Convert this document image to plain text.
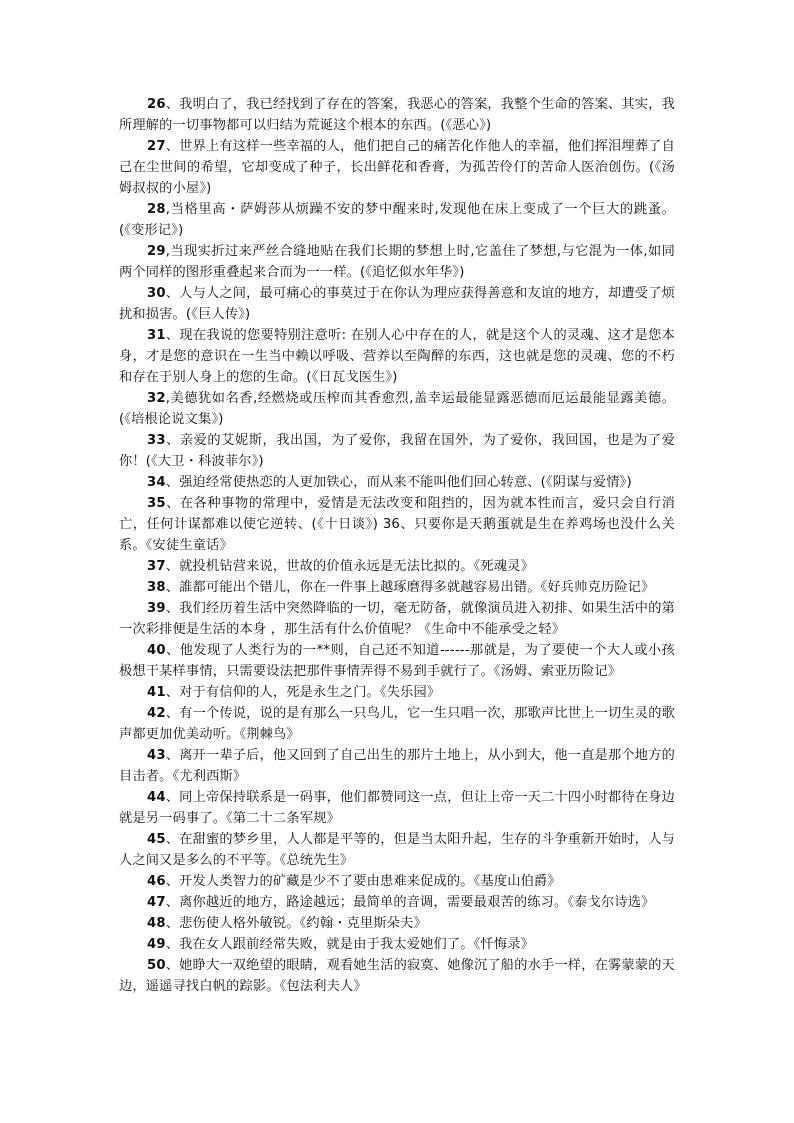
26、我明白了，我已经找到了存在的答案，我恶心的答案，我整个生命的答案、其实，我所理解的一切事物都可以归结为荒诞这个根本的东西。(《恶心》)

27、世界上有这样一些幸福的人，他们把自己的痛苦化作他人的幸福，他们挥泪埋葬了自己在尘世间的希望，它却变成了种子，长出鲜花和香膏，为孤苦伶仃的苦命人医治创伤。(《汤姆叔叔的小屋》)

28,当格里高・萨姆莎从烦躁不安的梦中醒来时,发现他在床上变成了一个巨大的跳蚤。(《变形记》)

29,当现实折过来严丝合缝地贴在我们长期的梦想上时,它盖住了梦想,与它混为一体,如同两个同样的图形重叠起来合而为一一样。(《追忆似水年华》)

30、人与人之间，最可痛心的事莫过于在你认为理应获得善意和友谊的地方，却遭受了烦扰和损害。(《巨人传》)

31、现在我说的您要特别注意听: 在别人心中存在的人，就是这个人的灵魂、这才是您本身，才是您的意识在一生当中赖以呼吸、营养以至陶醉的东西，这也就是您的灵魂、您的不朽和存在于别人身上的您的生命。(《日瓦戈医生》)

32,美德犹如名香,经燃烧或压榨而其香愈烈,盖幸运最能显露恶德而厄运最能显露美德。(《培根论说文集》)

33、亲爱的艾妮斯，我出国，为了爱你，我留在国外，为了爱你，我回国，也是为了爱你！(《大卫・科波菲尔》)

34、强迫经常使热恋的人更加铁心，而从来不能叫他们回心转意、(《阴谋与爱情》)

35、在各种事物的常理中，爱情是无法改变和阻挡的，因为就本性而言，爱只会自行消亡，任何计谋都难以使它逆转、(《十日谈》) 36、只要你是天鹅蛋就是生在养鸡场也没什么关系。《安徒生童话》

37、就投机钻营来说，世故的价值永远是无法比拟的。《死魂灵》

38、誰都可能出个错儿，你在一件事上越琢磨得多就越容易出错。《好兵帅克历险记》

39、我们经历着生活中突然降临的一切，毫无防备，就像演员进入初排、如果生活中的第一次彩排便是生活的本身 ，那生活有什么价值呢？《生命中不能承受之轻》

40、他发现了人类行为的一**则，自己还不知道------那就是，为了要使一个大人或小孩极想干某样事情，只需要设法把那件事情弄得不易到手就行了。《汤姆、索亚历险记》

41、对于有信仰的人，死是永生之门。《失乐园》

42、有一个传说，说的是有那么一只鸟儿，它一生只唱一次，那歌声比世上一切生灵的歌声都更加优美动听。《荆棘鸟》

43、离开一辈子后，他又回到了自己出生的那片土地上，从小到大，他一直是那个地方的目击者。《尤利西斯》

44、同上帝保持联系是一码事，他们都赞同这一点，但让上帝一天二十四小时都待在身边就是另一码事了。《第二十二条军规》

45、在甜蜜的梦乡里，人人都是平等的，但是当太阳升起，生存的斗争重新开始时，人与人之间又是多么的不平等。《总统先生》

46、开发人类智力的矿藏是少不了要由患难来促成的。《基度山伯爵》

47、离你越近的地方，路途越远；最简单的音调，需要最艰苦的练习。《泰戈尔诗选》

48、悲伤使人格外敏锐。《约翰・克里斯朵夫》

49、我在女人跟前经常失败，就是由于我太爱她们了。《忏悔录》

50、她睁大一双绝望的眼睛，观看她生活的寂寞、她像沉了船的水手一样，在雾蒙蒙的天边，遥遥寻找白帆的踪影。《包法利夫人》
